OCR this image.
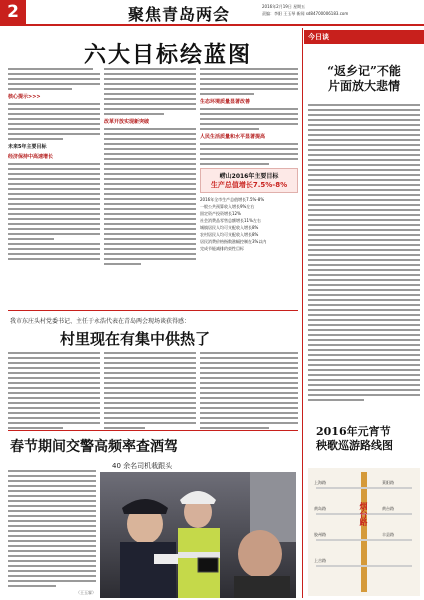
2	聚焦青岛两会	2016年2月19日 星期五
责编：李阳 王玉琴 新闻 sd84700006183.com
六大目标绘蓝图
核心提示>>>
未来5年主要目标
经济保持中高速增长
改革开放实现新突破
生态环境质量显著改善
人民生活质量和水平显著提高
崂山2016年主要目标
生产总值增长7.5%-8%
2016年全市生产总值增长7.5%-8%
一般公共预算收入增长9%左右
固定资产投资增长12%
社会消费品零售总额增长11%左右
城镇居民人均可支配收入增长8%
农村居民人均可支配收入增长8%
居民消费价格指数涨幅控制在3%以内
完成节能减排约束性目标
我市东庄头村党委书记、主任于永浩代表在青岛两会现场谈获得感：
村里现在有集中供热了
春节期间交警高频率查酒驾
40 余名司机栽跟头
（王玉霖）
今日谈
“返乡记”不能
片面放大悲情
2016年元宵节
秧歌巡游路线图
烟台路
上海路	莱阳路
黄岛路	黄台路
胶州路	丰县路
上吉路
